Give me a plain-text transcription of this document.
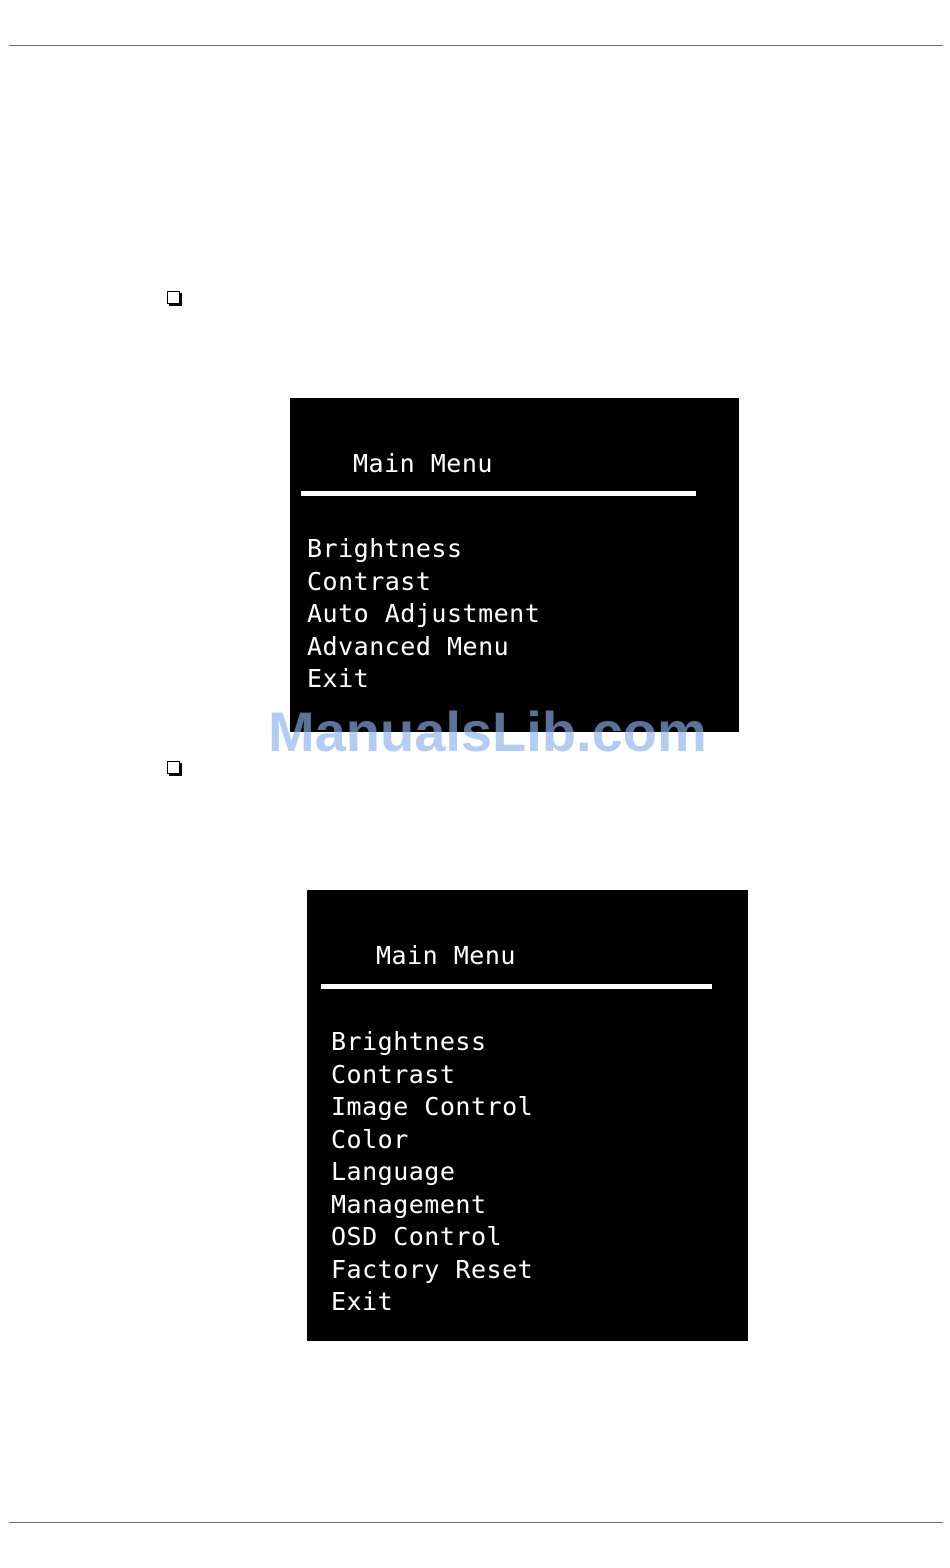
Main Menu
Brightness
Contrast
Auto Adjustment
Advanced Menu
Exit
ManualsLib.com
Main Menu
Brightness
Contrast
Image Control
Color
Language
Management
OSD Control
Factory Reset
Exit
